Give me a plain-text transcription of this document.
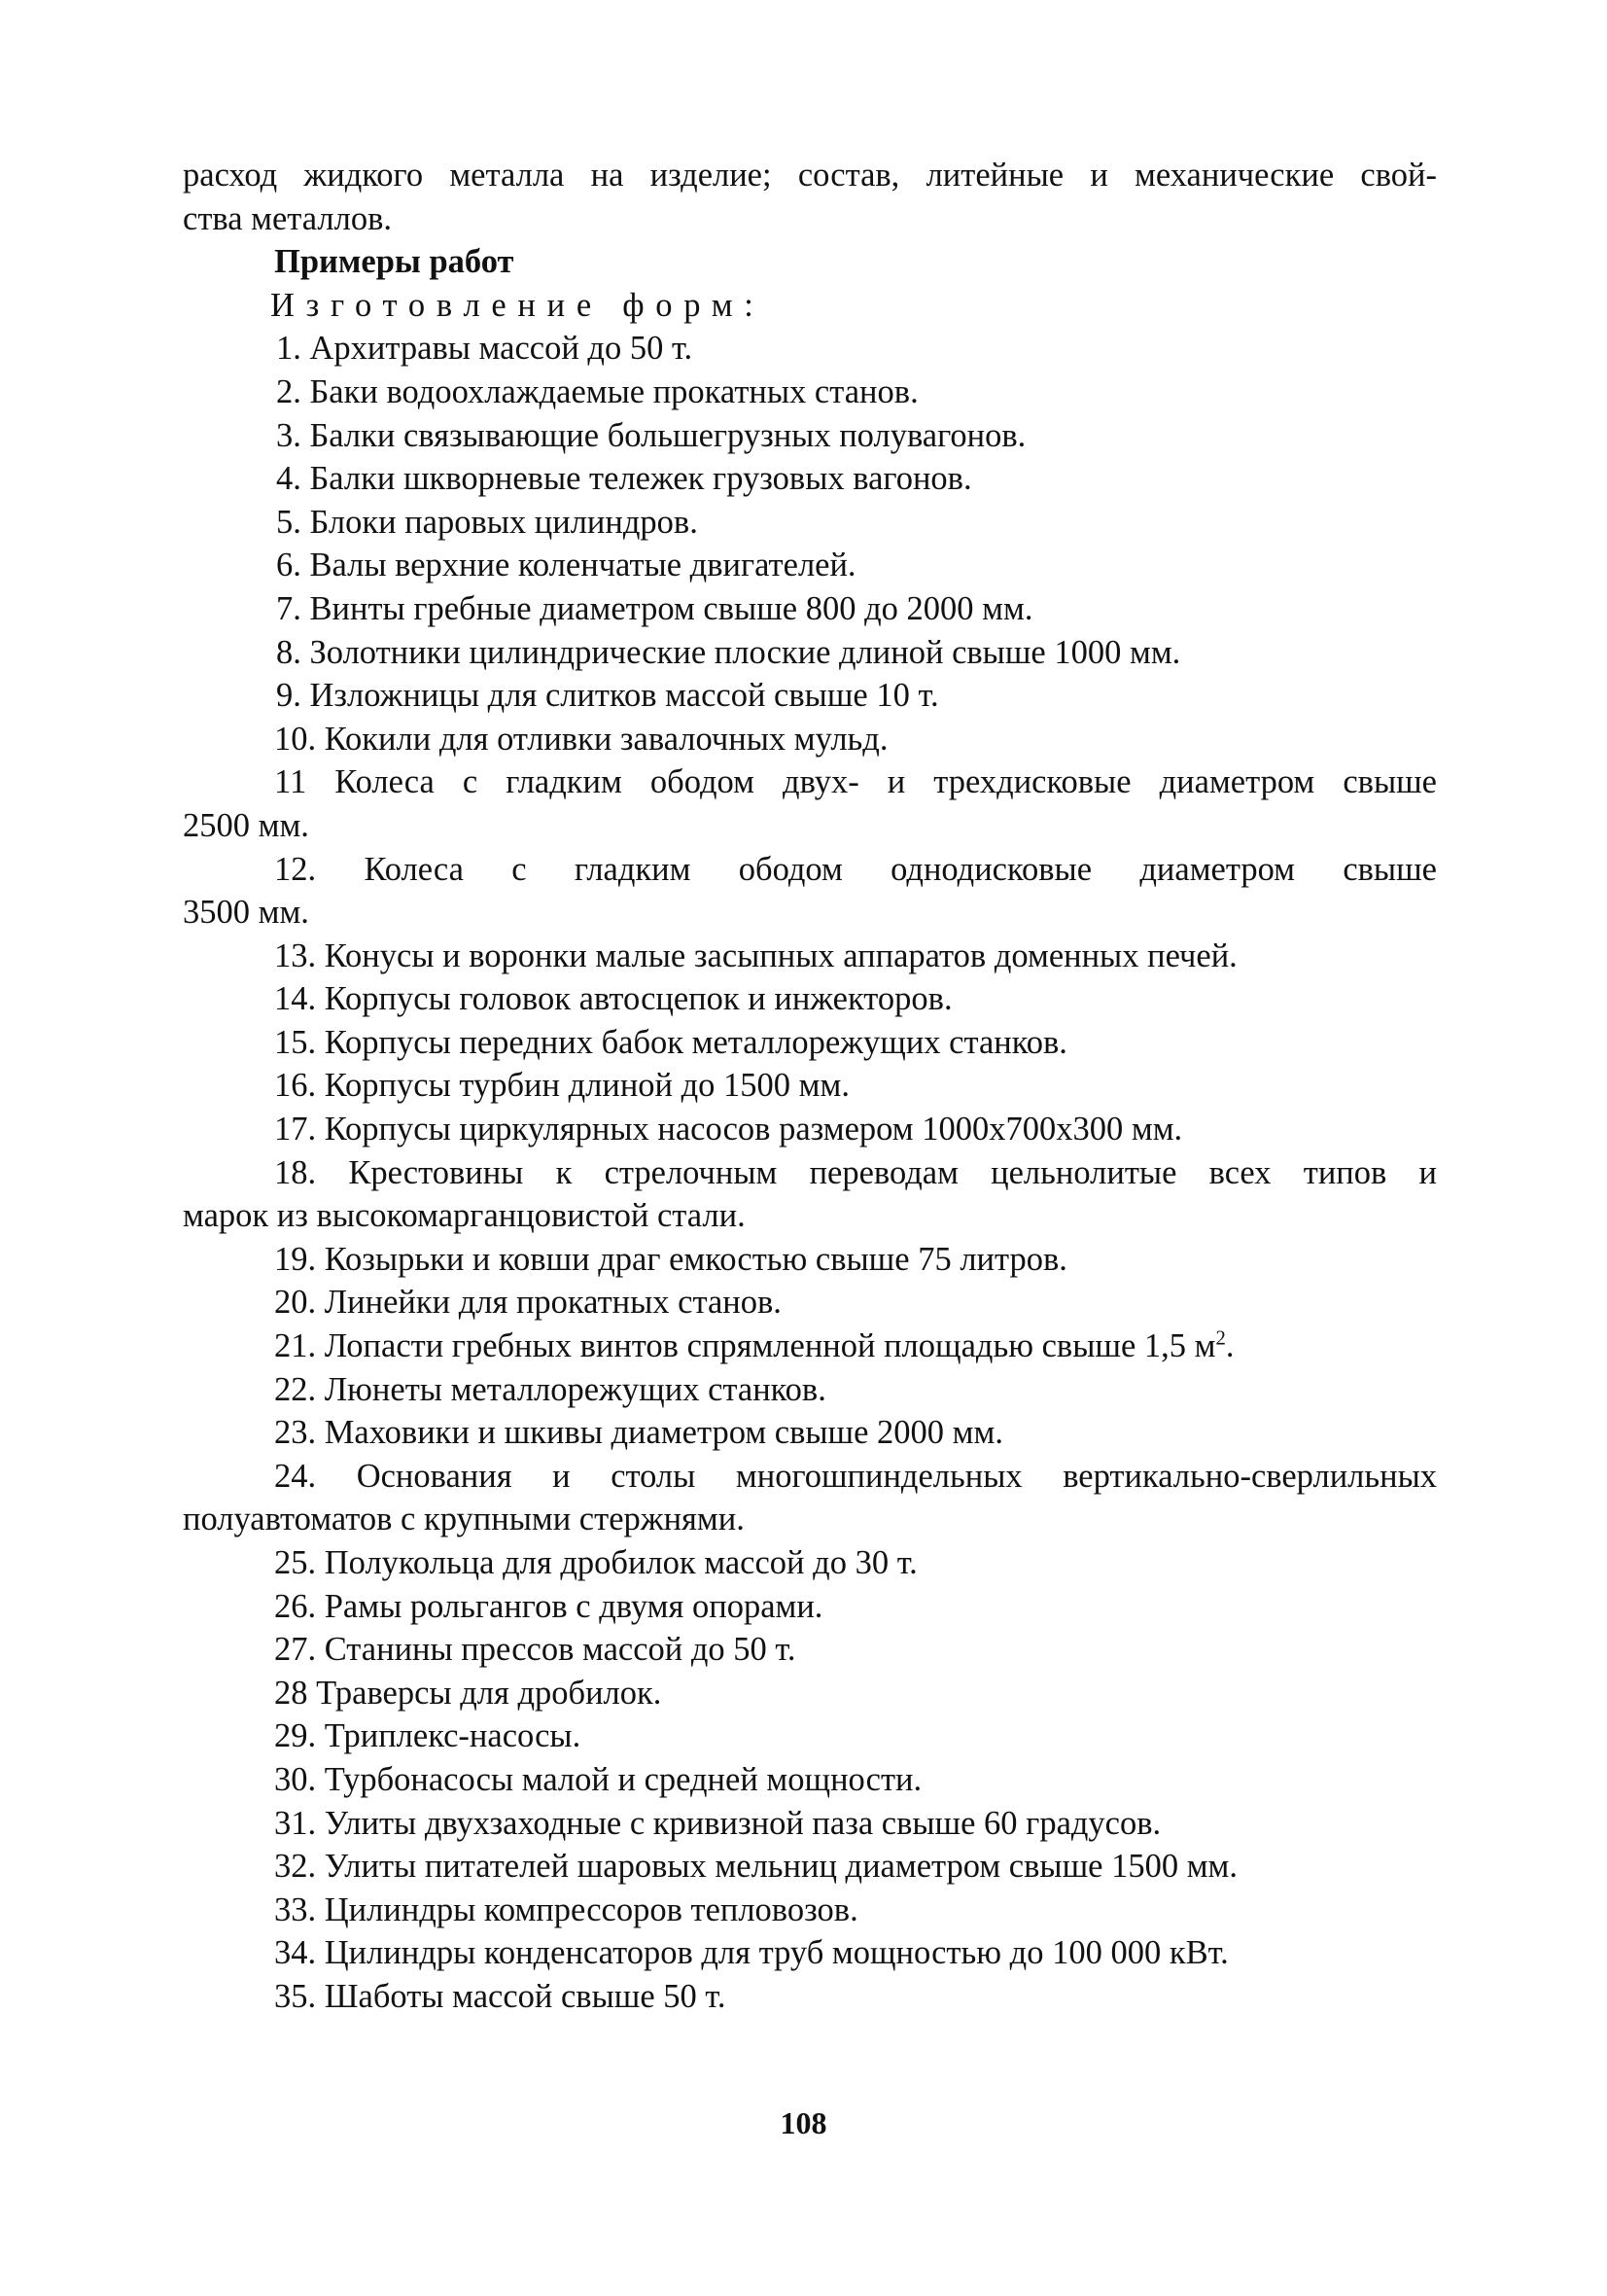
расход жидкого металла на изделие; состав, литейные и механические свой-

ства металлов.

Примеры работ

Изготовление форм:

1. Архитравы массой до 50 т.

2. Баки водоохлаждаемые прокатных станов.

3. Балки связывающие большегрузных полувагонов.

4. Балки шкворневые тележек грузовых вагонов.

5. Блоки паровых цилиндров.

6. Валы верхние коленчатые двигателей.

7. Винты гребные диаметром свыше 800 до 2000 мм.

8. Золотники цилиндрические плоские длиной свыше 1000 мм.

9. Изложницы для слитков массой свыше 10 т.

10. Кокили для отливки завалочных мульд.

11 Колеса с гладким ободом двух- и трехдисковые диаметром свыше

2500 мм.

12. Колеса с гладким ободом однодисковые диаметром свыше

3500 мм.

13. Конусы и воронки малые засыпных аппаратов доменных печей.

14. Корпусы головок автосцепок и инжекторов.

15. Корпусы передних бабок металлорежущих станков.

16. Корпусы турбин длиной до 1500 мм.

17. Корпусы циркулярных насосов размером 1000x700x300 мм.

18. Крестовины к стрелочным переводам цельнолитые всех типов и

марок из высокомарганцовистой стали.

19. Козырьки и ковши драг емкостью свыше 75 литров.

20. Линейки для прокатных станов.

21. Лопасти гребных винтов спрямленной площадью свыше 1,5 $м^2$.

22. Люнеты металлорежущих станков.

23. Маховики и шкивы диаметром свыше 2000 мм.

24. Основания и столы многошпиндельных вертикально-сверлильных

полуавтоматов с крупными стержнями.

25. Полукольца для дробилок массой до 30 т.

26. Рамы рольгангов с двумя опорами.

27. Станины прессов массой до 50 т.

28 Траверсы для дробилок.

29. Триплекс-насосы.

30. Турбонасосы малой и средней мощности.

31. Улиты двухзаходные с кривизной паза свыше 60 градусов.

32. Улиты питателей шаровых мельниц диаметром свыше 1500 мм.

33. Цилиндры компрессоров тепловозов.

34. Цилиндры конденсаторов для труб мощностью до 100 000 кВт.

35. Шаботы массой свыше 50 т.

108
